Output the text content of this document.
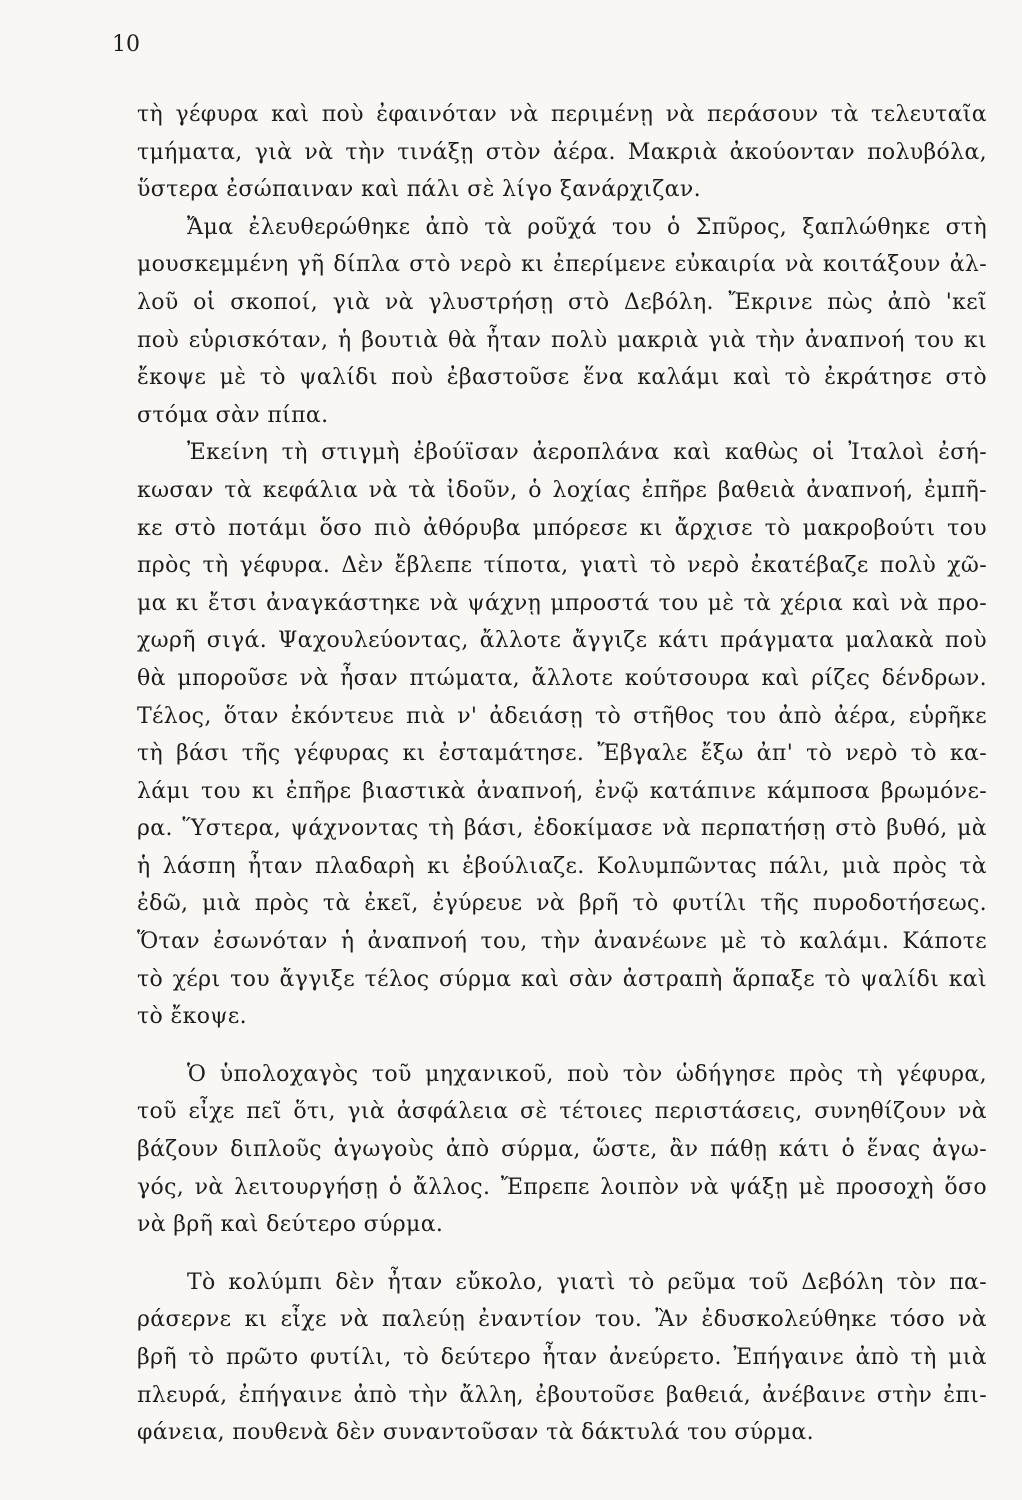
10
τὴ γέφυρα καὶ ποὺ ἐφαινόταν νὰ περιμένῃ νὰ περάσουν τὰ τελευταῖα
τμήματα, γιὰ νὰ τὴν τινάξῃ στὸν ἀέρα. Μακριὰ ἀκούονταν πολυβόλα,
ὕστερα ἐσώπαιναν καὶ πάλι σὲ λίγο ξανάρχιζαν.
Ἄμα ἐλευθερώθηκε ἀπὸ τὰ ροῦχά του ὁ Σπῦρος, ξαπλώθηκε στὴ
μουσκεμμένη γῆ δίπλα στὸ νερὸ κι ἐπερίμενε εὐκαιρία νὰ κοιτάξουν ἀλ-
λοῦ οἱ σκοποί, γιὰ νὰ γλυστρήσῃ στὸ Δεβόλη. Ἔκρινε πὼς ἀπὸ 'κεῖ
ποὺ εὑρισκόταν, ἡ βουτιὰ θὰ ἦταν πολὺ μακριὰ γιὰ τὴν ἀναπνοή του κι
ἔκοψε μὲ τὸ ψαλίδι ποὺ ἐβαστοῦσε ἕνα καλάμι καὶ τὸ ἐκράτησε στὸ
στόμα σὰν πίπα.
Ἐκείνη τὴ στιγμὴ ἐβούϊσαν ἀεροπλάνα καὶ καθὼς οἱ Ἰταλοὶ ἐσή-
κωσαν τὰ κεφάλια νὰ τὰ ἰδοῦν, ὁ λοχίας ἐπῆρε βαθειὰ ἀναπνοή, ἐμπῆ-
κε στὸ ποτάμι ὅσο πιὸ ἀθόρυβα μπόρεσε κι ἄρχισε τὸ μακροβούτι του
πρὸς τὴ γέφυρα. Δὲν ἔβλεπε τίποτα, γιατὶ τὸ νερὸ ἐκατέβαζε πολὺ χῶ-
μα κι ἔτσι ἀναγκάστηκε νὰ ψάχνῃ μπροστά του μὲ τὰ χέρια καὶ νὰ προ-
χωρῆ σιγά. Ψαχουλεύοντας, ἄλλοτε ἄγγιζε κάτι πράγματα μαλακὰ ποὺ
θὰ μποροῦσε νὰ ἦσαν πτώματα, ἄλλοτε κούτσουρα καὶ ρίζες δένδρων.
Τέλος, ὅταν ἐκόντευε πιὰ ν' ἀδειάσῃ τὸ στῆθος του ἀπὸ ἀέρα, εὑρῆκε
τὴ βάσι τῆς γέφυρας κι ἐσταμάτησε. Ἔβγαλε ἔξω ἀπ' τὸ νερὸ τὸ κα-
λάμι του κι ἐπῆρε βιαστικὰ ἀναπνοή, ἐνῷ κατάπινε κάμποσα βρωμόνε-
ρα. Ὕστερα, ψάχνοντας τὴ βάσι, ἐδοκίμασε νὰ περπατήσῃ στὸ βυθό, μὰ
ἡ λάσπη ἦταν πλαδαρὴ κι ἐβούλιαζε. Κολυμπῶντας πάλι, μιὰ πρὸς τὰ
ἐδῶ, μιὰ πρὸς τὰ ἐκεῖ, ἐγύρευε νὰ βρῆ τὸ φυτίλι τῆς πυροδοτήσεως.
Ὅταν ἐσωνόταν ἡ ἀναπνοή του, τὴν ἀνανέωνε μὲ τὸ καλάμι. Κάποτε
τὸ χέρι του ἄγγιξε τέλος σύρμα καὶ σὰν ἀστραπὴ ἅρπαξε τὸ ψαλίδι καὶ
τὸ ἔκοψε.
Ὁ ὑπολοχαγὸς τοῦ μηχανικοῦ, ποὺ τὸν ὡδήγησε πρὸς τὴ γέφυρα,
τοῦ εἶχε πεῖ ὅτι, γιὰ ἀσφάλεια σὲ τέτοιες περιστάσεις, συνηθίζουν νὰ
βάζουν διπλοῦς ἀγωγοὺς ἀπὸ σύρμα, ὥστε, ἂν πάθῃ κάτι ὁ ἕνας ἀγω-
γός, νὰ λειτουργήσῃ ὁ ἄλλος. Ἔπρεπε λοιπὸν νὰ ψάξῃ μὲ προσοχὴ ὅσο
νὰ βρῆ καὶ δεύτερο σύρμα.
Τὸ κολύμπι δὲν ἦταν εὔκολο, γιατὶ τὸ ρεῦμα τοῦ Δεβόλη τὸν πα-
ράσερνε κι εἶχε νὰ παλεύῃ ἐναντίον του. Ἂν ἐδυσκολεύθηκε τόσο νὰ
βρῆ τὸ πρῶτο φυτίλι, τὸ δεύτερο ἦταν ἀνεύρετο. Ἐπήγαινε ἀπὸ τὴ μιὰ
πλευρά, ἐπήγαινε ἀπὸ τὴν ἄλλη, ἐβουτοῦσε βαθειά, ἀνέβαινε στὴν ἐπι-
φάνεια, πουθενὰ δὲν συναντοῦσαν τὰ δάκτυλά του σύρμα.
